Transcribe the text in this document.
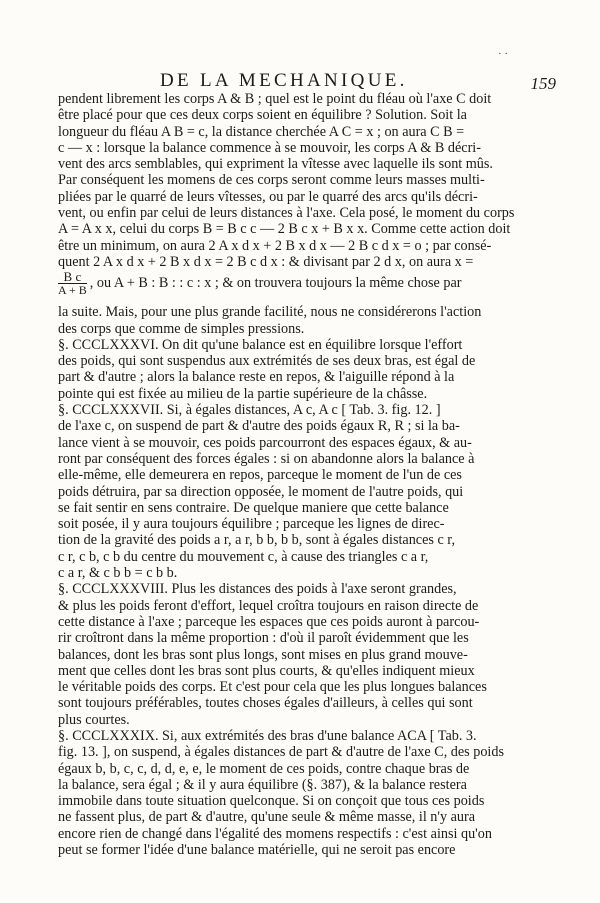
· ·
DE LA MECHANIQUE.	159
pendent librement les corps A & B ; quel est le point du fléau où l'axe C doit
être placé pour que ces deux corps soient en équilibre ? Solution. Soit la
longueur du fléau A B = c, la distance cherchée A C = x ; on aura C B =
c — x : lorsque la balance commence à se mouvoir, les corps A & B décri-
vent des arcs semblables, qui expriment la vîtesse avec laquelle ils sont mûs.
Par conséquent les momens de ces corps seront comme leurs masses multi-
pliées par le quarré de leurs vîtesses, ou par le quarré des arcs qu'ils décri-
vent, ou enfin par celui de leurs distances à l'axe. Cela posé, le moment du corps
A = A x x, celui du corps B = B c c — 2 B c x + B x x. Comme cette action doit
être un minimum, on aura 2 A x d x + 2 B x d x — 2 B c d x = o ; par consé-
quent 2 A x d x + 2 B x d x = 2 B c d x : & divisant par 2 d x, on aura x =
$\frac{\text{B c}}{A + B}$ , ou A + B : B : : c : x ; & on trouvera toujours la même chose par
la suite. Mais, pour une plus grande facilité, nous ne considérerons l'action
des corps que comme de simples pressions.
§. CCCLXXXVI. On dit qu'une balance est en équilibre lorsque l'effort
des poids, qui sont suspendus aux extrémités de ses deux bras, est égal de
part & d'autre ; alors la balance reste en repos, & l'aiguille répond à la
pointe qui est fixée au milieu de la partie supérieure de la châsse.
§. CCCLXXXVII. Si, à égales distances, A c, A c [ Tab. 3. fig. 12. ]
de l'axe c, on suspend de part & d'autre des poids égaux R, R ; si la ba-
lance vient à se mouvoir, ces poids parcourront des espaces égaux, & au-
ront par conséquent des forces égales : si on abandonne alors la balance à
elle-même, elle demeurera en repos, parceque le moment de l'un de ces
poids détruira, par sa direction opposée, le moment de l'autre poids, qui
se fait sentir en sens contraire. De quelque maniere que cette balance
soit posée, il y aura toujours équilibre ; parceque les lignes de direc-
tion de la gravité des poids a r, a r, b b, b b, sont à égales distances c r,
c r, c b, c b du centre du mouvement c, à cause des triangles c a r,
c a r, & c b b = c b b.
§. CCCLXXXVIII. Plus les distances des poids à l'axe seront grandes,
& plus les poids feront d'effort, lequel croîtra toujours en raison directe de
cette distance à l'axe ; parceque les espaces que ces poids auront à parcou-
rir croîtront dans la même proportion : d'où il paroît évidemment que les
balances, dont les bras sont plus longs, sont mises en plus grand mouve-
ment que celles dont les bras sont plus courts, & qu'elles indiquent mieux
le véritable poids des corps. Et c'est pour cela que les plus longues balances
sont toujours préférables, toutes choses égales d'ailleurs, à celles qui sont
plus courtes.
§. CCCLXXXIX. Si, aux extrémités des bras d'une balance ACA [ Tab. 3.
fig. 13. ], on suspend, à égales distances de part & d'autre de l'axe C, des poids
égaux b, b, c, c, d, d, e, e, le moment de ces poids, contre chaque bras de
la balance, sera égal ; & il y aura équilibre (§. 387), & la balance restera
immobile dans toute situation quelconque. Si on conçoit que tous ces poids
ne fassent plus, de part & d'autre, qu'une seule & même masse, il n'y aura
encore rien de changé dans l'égalité des momens respectifs : c'est ainsi qu'on
peut se former l'idée d'une balance matérielle, qui ne seroit pas encore
